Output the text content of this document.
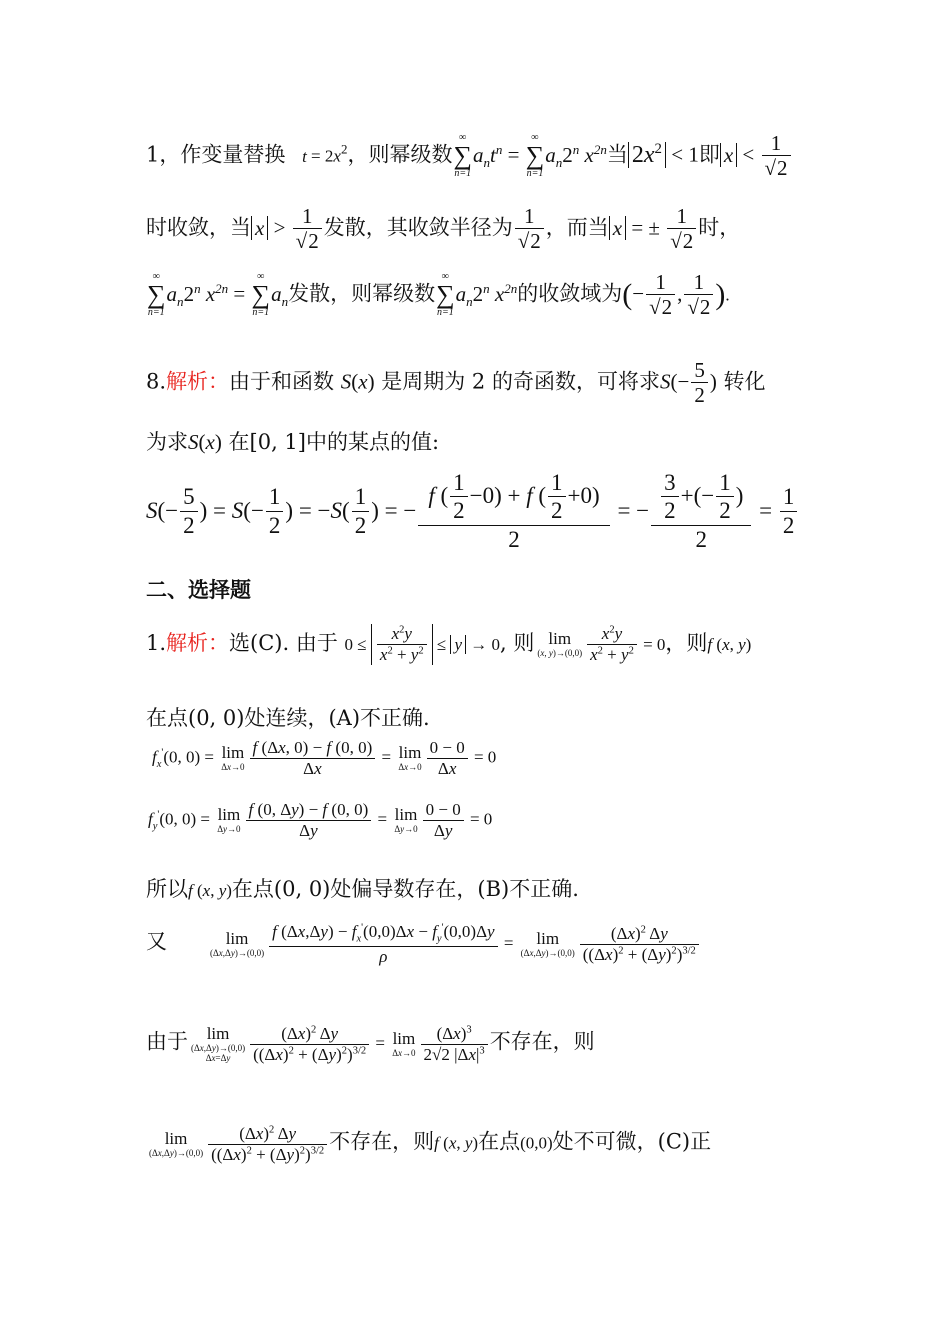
1，作变量替换 $t = 2x^2$，则幂级数
∞
∑
n=1
$a_nt^n$ =
∞
∑
n=1
$a_n2^n$ $x^{2n}$当 $2x^2 < 1$即 $x < \frac{1}{√2}$
时收敛，当 $x > \frac{1}{√2}$ 发散，其收敛半径为 $\frac{1}{√2}$ ，而当 x = ± $\frac{1}{√2}$ 时，
∞
∑
n=1
$a_n2^n$ $x^{2n}$ =
∞
∑
n=1
$a_n$发散，则幂级数
∞
∑
n=1
$a_n2^n$ $x^{2n}$的收敛域为(− $\frac{1}{√2}$ , $\frac{1}{√2}$ ).
8.解析：由于和函数 S(x) 是周期为 2 的奇函数，可将求$S(- \frac{5}{2}$ ) 转化
为求S(x) 在[0, 1]中的某点的值:
$S(- \frac{5}{2}$ ) = $S(- \frac{1}{2}$ ) = $-S( \frac{1}{2}$ ) = − $\frac{f ( \frac{1}{2} -0) + f ( \frac{1}{2} +0)}{2}$ = − $\frac{\frac{3}{2} +(- \frac{1}{2} )}{2} = \frac{1}{2}$
二、选择题
1.解析：选(C). 由于 $0 \le \frac{x^2y}{x^2 + y^2} \le y \to 0$, 则 lim
(x, $y)\to(0,0) \frac{x^2y}{x^2 + y^2} = 0$，则f (x, y)
在点(0, 0)处连续，(A)不正确.
$f_x'(0$, 0) = lim
$\Delta x\to 0 \frac{f (\Delta x, 0) - f (0, 0)}{\Delta x} = \lim$
$\Delta x\to 0 \frac{0 - 0}{\Delta x} = 0$
$f_y'(0$, 0) = lim
$\Delta y\to 0 \frac{f (0, \Delta y) - f (0, 0)}{\Delta y} = \lim$
$\Delta y\to 0 \frac{0 - 0}{\Delta y} = 0$
所以f (x, y)在点(0, 0)处偏导数存在，(B)不正确.
又	lim
$(\Delta x,\Delta y)\to(0,0) \frac{f (\Delta x,\Delta y) - f_x'(0,0)\Delta x - f_y'(0,0)\Delta y}{\rho}$ =	lim
$(\Delta x,\Delta y)\to(0,0) \frac{(\Delta x)^2 \Delta y}{((\Delta x)^2 + (\Delta y)^2)^{3/2}}$
由于	lim
(Δx,Δy)→(0,0)
Δx=Δy	$\frac{(\Delta x)^2 \Delta y}{((\Delta x)^2 + (\Delta y)^2)^{3/2}} = \lim$
$\Delta x\to 0 \frac{(\Delta x)^3}{2√2 |\Delta x|^3}$ 不存在，则
lim
$(\Delta x,\Delta y)\to(0,0) \frac{(\Delta x)^2 \Delta y}{((\Delta x)^2 + (\Delta y)^2)^{3/2}}$ 不存在，则f (x, y)在点(0,0)处不可微，(C)正
